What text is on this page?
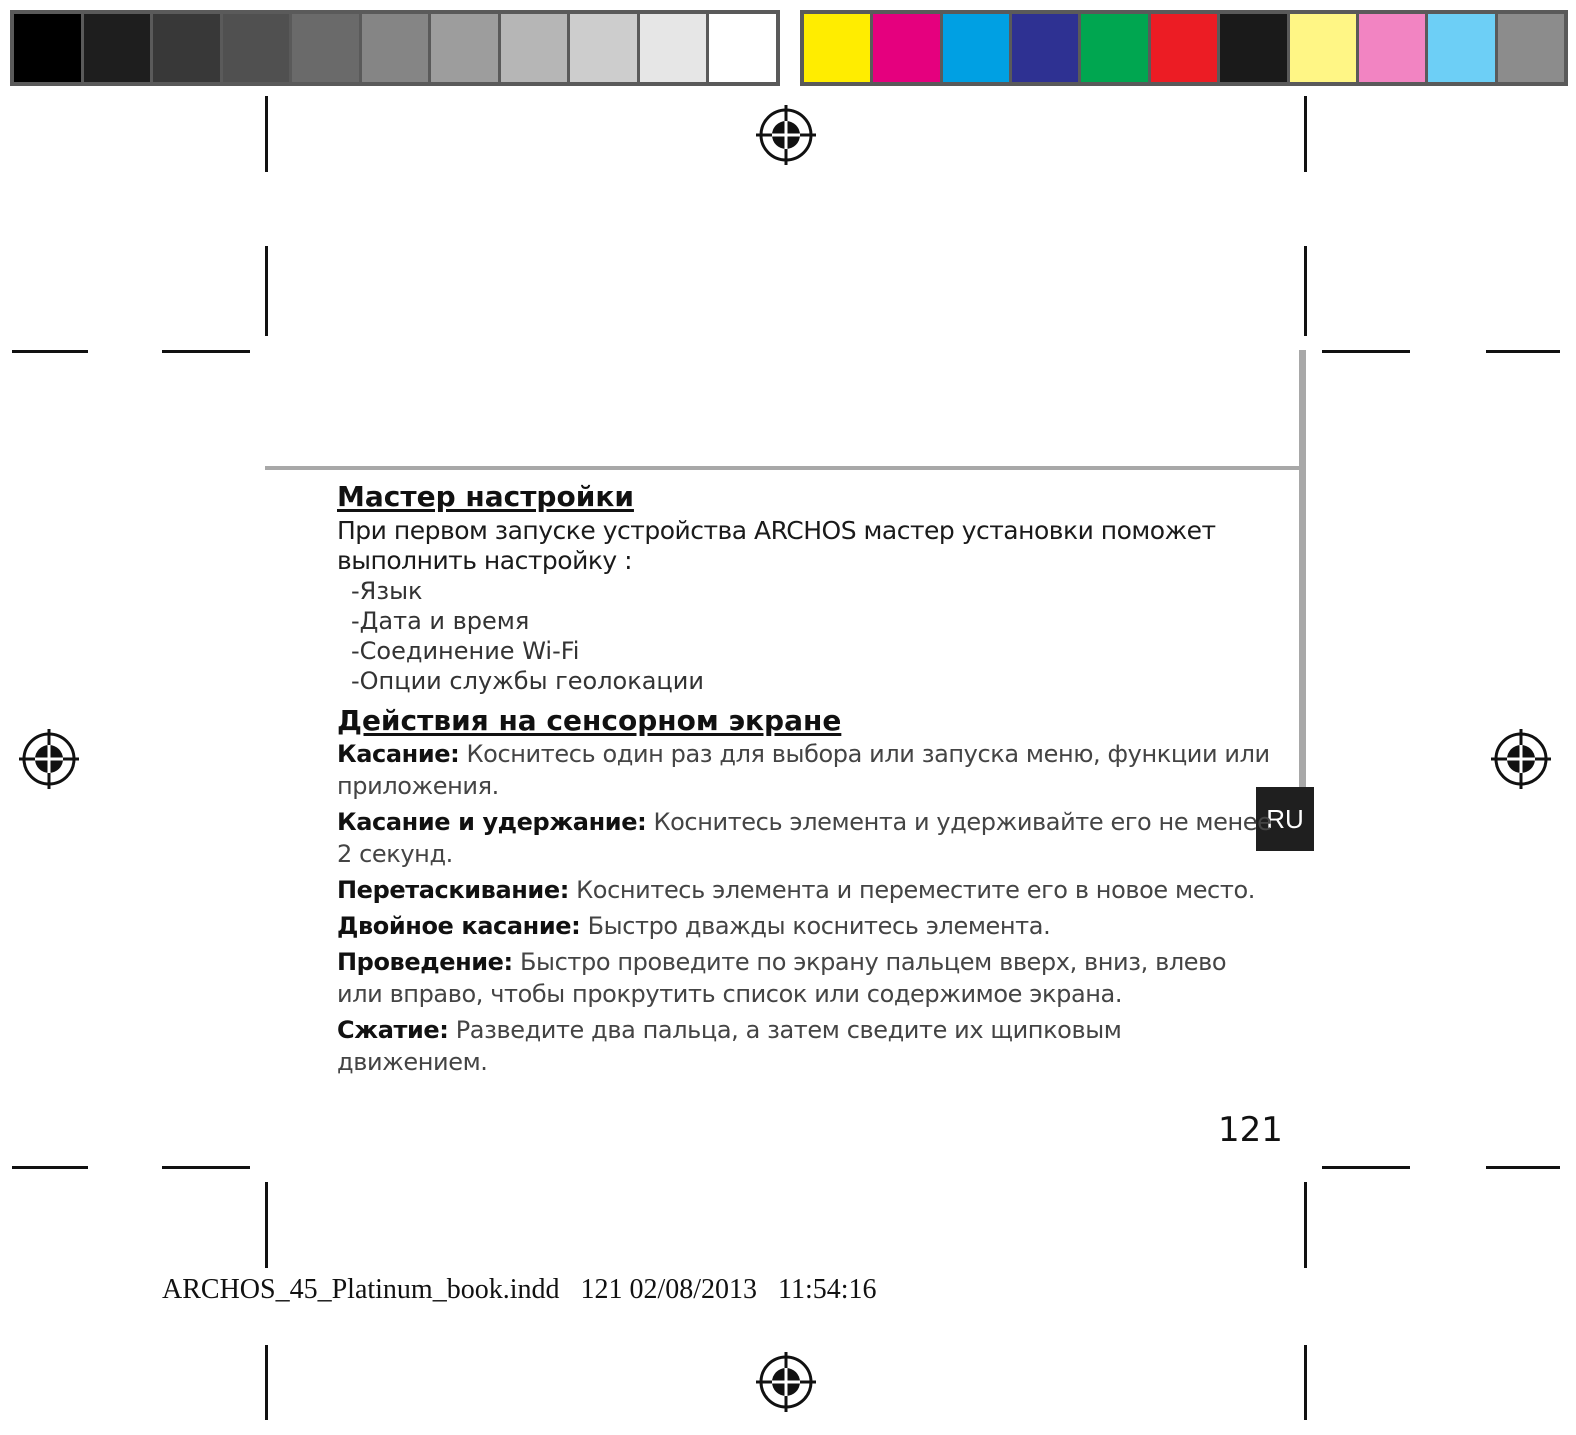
RU
Мастер настройки

При первом запуске устройства ARCHOS мастер установки поможет выполнить настройку :

-Язык
-Дата и время
-Соединение Wi-Fi
-Опции службы геолокации
Действия на сенсорном экране

Касание: Коснитесь один раз для выбора или запуска меню, функции или приложения.

Касание и удержание: Коснитесь элемента и удерживайте его не менее 2 секунд.

Перетаскивание: Коснитесь элемента и переместите его в новое место.

Двойное касание: Быстро дважды коснитесь элемента.

Проведение: Быстро проведите по экрану пальцем вверх, вниз, влево или вправо, чтобы прокрутить список или содержимое экрана.

Сжатие: Разведите два пальца, а затем сведите их щипковым движением.

121
ARCHOS_45_Platinum_book.indd   121 02/08/2013   11:54:16
